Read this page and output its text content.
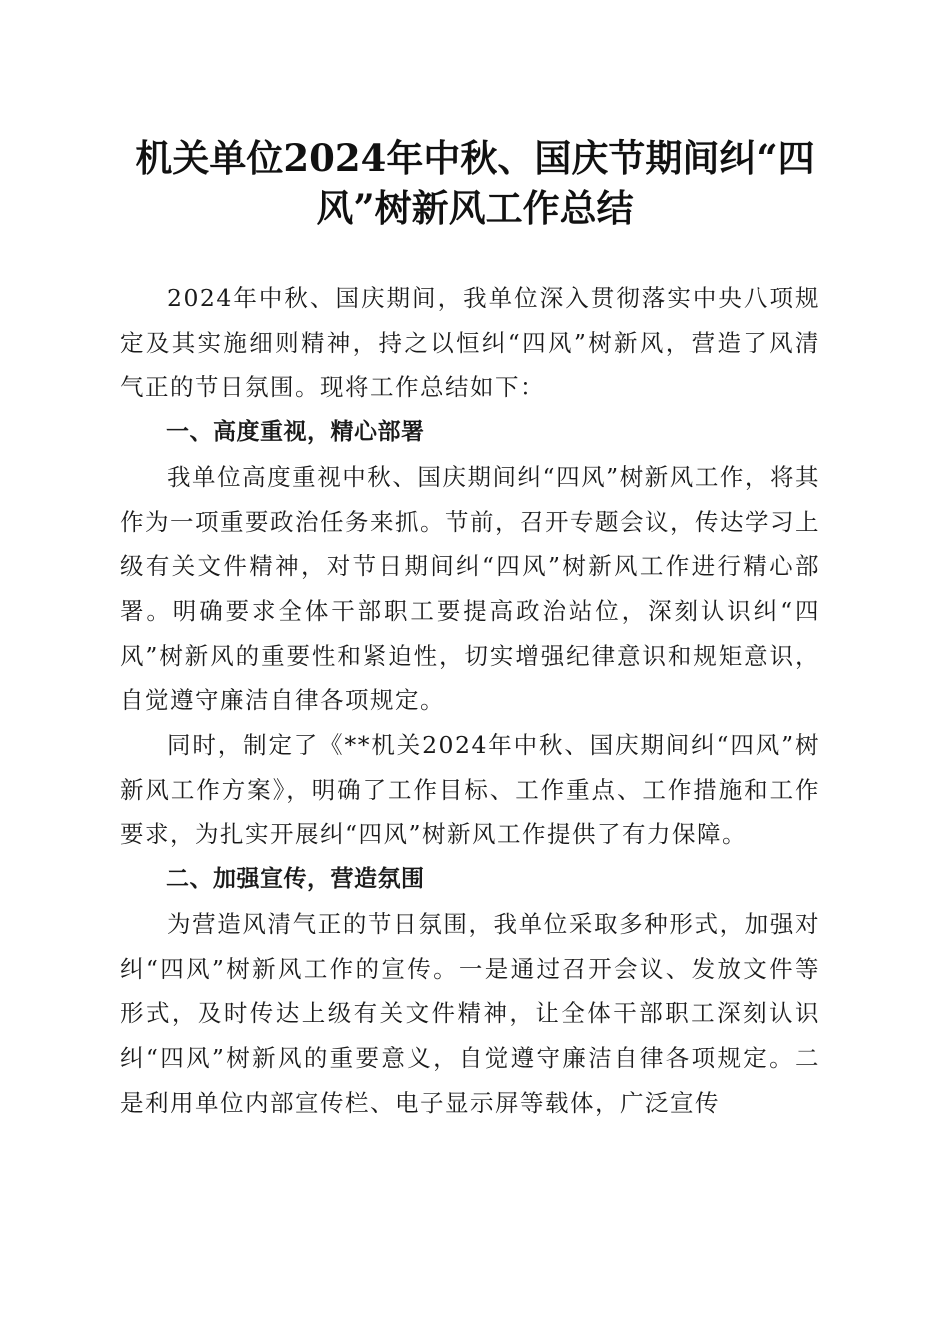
机关单位2024年中秋、国庆节期间纠“四风”树新风工作总结

2024年中秋、国庆期间，我单位深入贯彻落实中央八项规定及其实施细则精神，持之以恒纠“四风”树新风，营造了风清气正的节日氛围。现将工作总结如下：

一、高度重视，精心部署

我单位高度重视中秋、国庆期间纠“四风”树新风工作，将其作为一项重要政治任务来抓。节前，召开专题会议，传达学习上级有关文件精神，对节日期间纠“四风”树新风工作进行精心部署。明确要求全体干部职工要提高政治站位，深刻认识纠“四风”树新风的重要性和紧迫性，切实增强纪律意识和规矩意识，自觉遵守廉洁自律各项规定。

同时，制定了《**机关2024年中秋、国庆期间纠“四风”树新风工作方案》，明确了工作目标、工作重点、工作措施和工作要求，为扎实开展纠“四风”树新风工作提供了有力保障。

二、加强宣传，营造氛围

为营造风清气正的节日氛围，我单位采取多种形式，加强对纠“四风”树新风工作的宣传。一是通过召开会议、发放文件等形式，及时传达上级有关文件精神，让全体干部职工深刻认识纠“四风”树新风的重要意义，自觉遵守廉洁自律各项规定。二是利用单位内部宣传栏、电子显示屏等载体，广泛宣传
